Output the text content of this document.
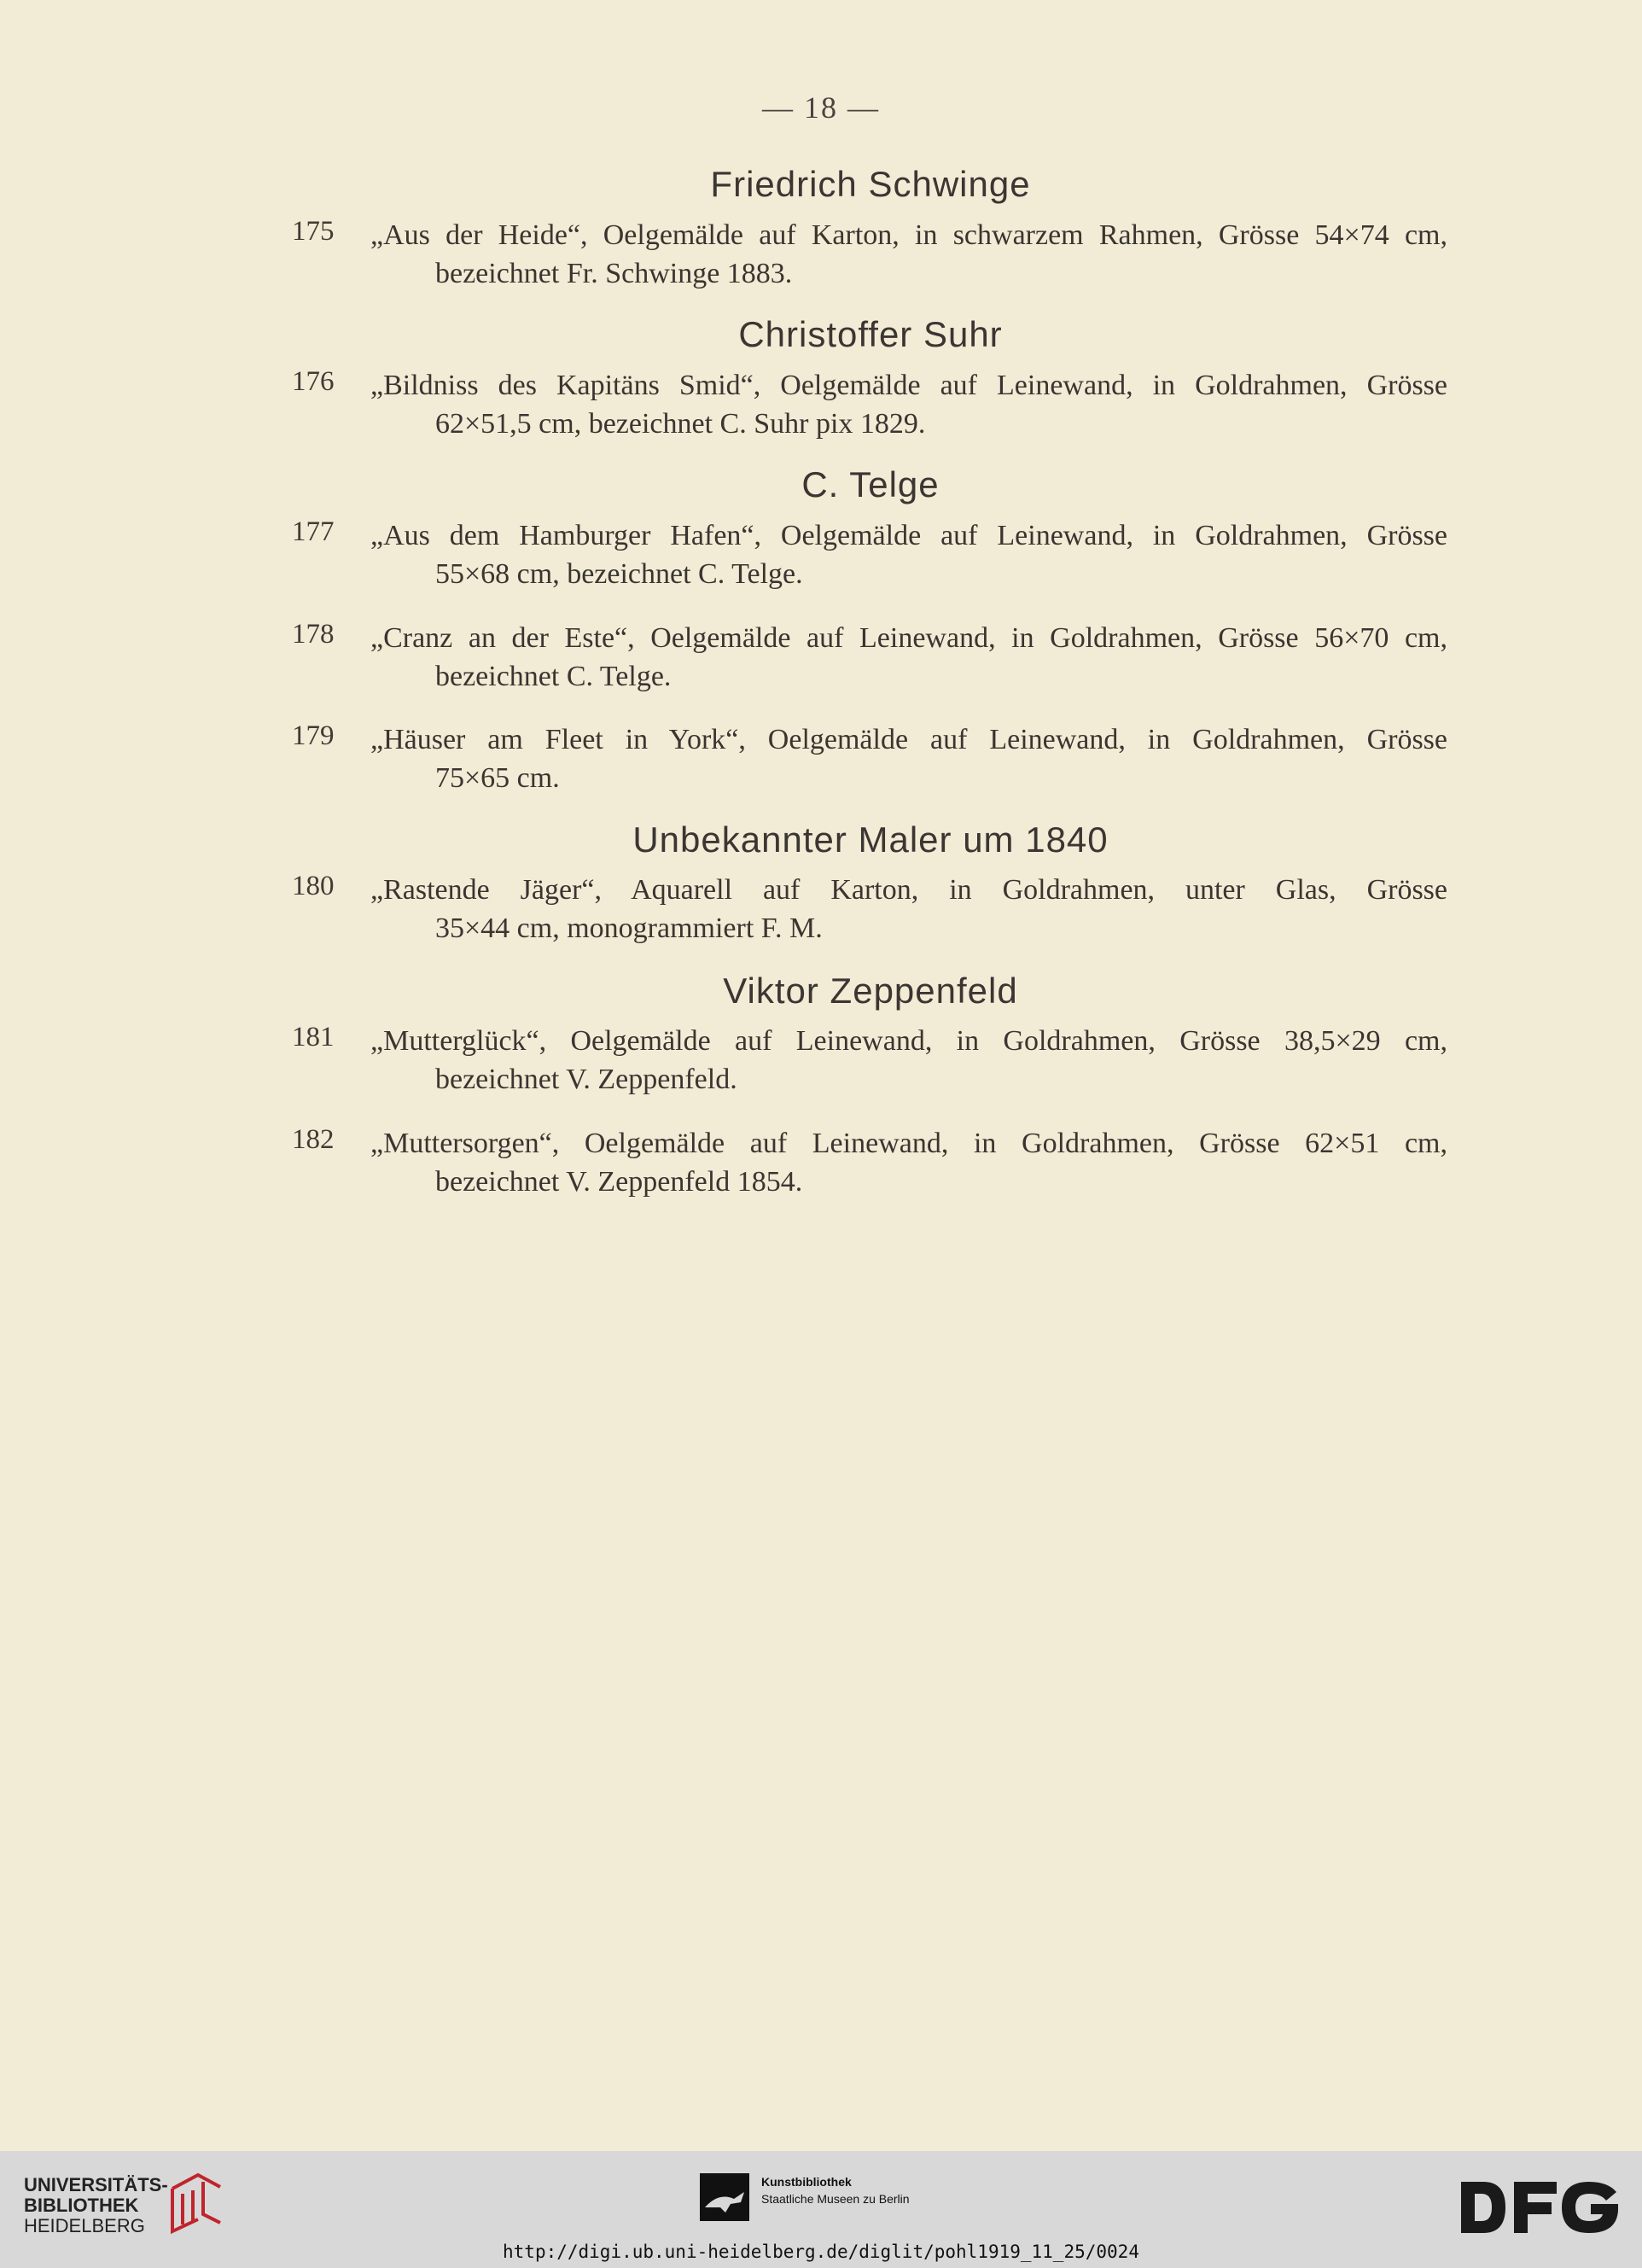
— 18 —
Friedrich Schwinge
175 „Aus der Heide“, Oelgemälde auf Karton, in schwarzem Rahmen, Grösse 54×74 cm,
bezeichnet Fr. Schwinge 1883.
Christoffer Suhr
176 „Bildniss des Kapitäns Smid“, Oelgemälde auf Leinewand, in Goldrahmen, Grösse
62×51,5 cm, bezeichnet C. Suhr pix 1829.
C. Telge
177 „Aus dem Hamburger Hafen“, Oelgemälde auf Leinewand, in Goldrahmen, Grösse
55×68 cm, bezeichnet C. Telge.
178 „Cranz an der Este“, Oelgemälde auf Leinewand, in Goldrahmen, Grösse 56×70 cm,
bezeichnet C. Telge.
179 „Häuser am Fleet in York“, Oelgemälde auf Leinewand, in Goldrahmen, Grösse
75×65 cm.
Unbekannter Maler um 1840
180 „Rastende Jäger“, Aquarell auf Karton, in Goldrahmen, unter Glas, Grösse
35×44 cm, monogrammiert F. M.
Viktor Zeppenfeld
181 „Mutterglück“, Oelgemälde auf Leinewand, in Goldrahmen, Grösse 38,5×29 cm,
bezeichnet V. Zeppenfeld.
182 „Muttersorgen“, Oelgemälde auf Leinewand, in Goldrahmen, Grösse 62×51 cm,
bezeichnet V. Zeppenfeld 1854.
UNIVERSITÄTS-
BIBLIOTHEK
HEIDELBERG
Kunstbibliothek
Staatliche Museen zu Berlin
http://digi.ub.uni-heidelberg.de/diglit/pohl1919_11_25/0024
